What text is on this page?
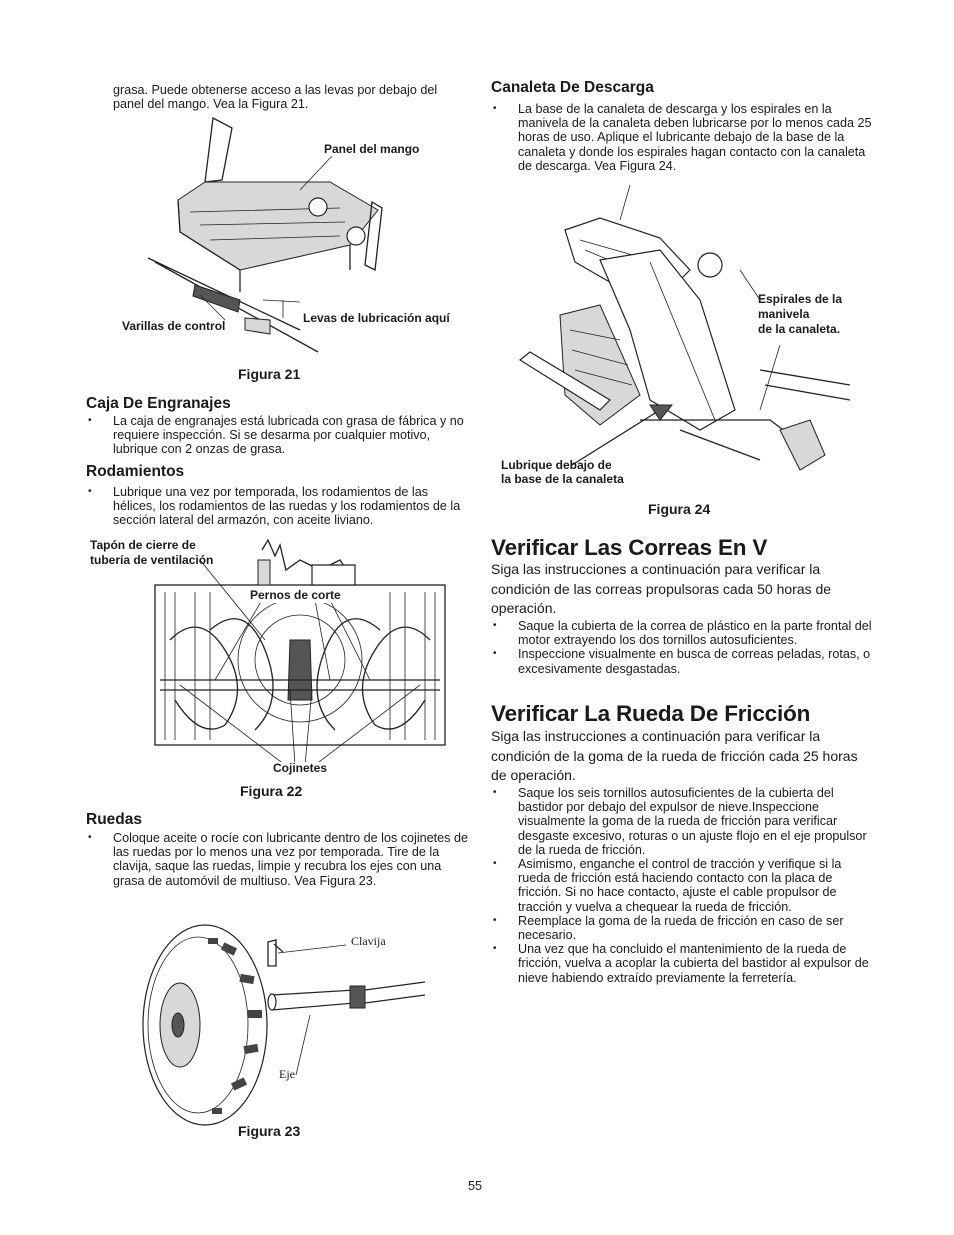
grasa. Puede obtenerse acceso a las levas por debajo del panel del mango. Vea la Figura 21.
Panel del mango
Varillas de control
Levas de lubricación aquí
Figura 21
Caja De Engranajes
• La caja de engranajes está lubricada con grasa de fábrica y no requiere inspección. Si se desarma por cualquier motivo, lubrique con 2 onzas de grasa.
Rodamientos
• Lubrique una vez por temporada, los rodamientos de las hélices, los rodamientos de las ruedas y los rodamientos de la sección lateral del armazón, con aceite liviano.
Tapón de cierre de
tubería de ventilación
Pernos de corte
Cojinetes
Figura 22
Ruedas
• Coloque aceite o rocíe con lubricante dentro de los cojinetes de las ruedas por lo menos una vez por temporada. Tire de la clavija, saque las ruedas, limpie y recubra los ejes con una grasa de automóvil de multiuso. Vea Figura 23.
Clavija
Eje
Figura 23
Canaleta De Descarga
• La base de la canaleta de descarga y los espirales en la manivela de la canaleta deben lubricarse por lo menos cada 25 horas de uso. Aplique el lubricante debajo de la base de la canaleta y donde los espirales hagan contacto con la canaleta de descarga. Vea Figura 24.
Espirales de la
manivela
de la canaleta.
Lubrique debajo de
la base de la canaleta
Figura 24
Verificar Las Correas En V
Siga las instrucciones a continuación para verificar la condición de las correas propulsoras cada 50 horas de operación.
• Saque la cubierta de la correa de plástico en la parte frontal del motor extrayendo los dos tornillos autosuficientes.
• Inspeccione visualmente en busca de correas peladas, rotas, o excesivamente desgastadas.
Verificar La Rueda De Fricción
Siga las instrucciones a continuación para verificar la condición de la goma de la rueda de fricción cada 25 horas de operación.
• Saque los seis tornillos autosuficientes de la cubierta del bastidor por debajo del expulsor de nieve.Inspeccione visualmente la goma de la rueda de fricción para verificar desgaste excesivo, roturas o un ajuste flojo en el eje propulsor de la rueda de fricción.
• Asimismo, enganche el control de tracción y verifique si la rueda de fricción está haciendo contacto con la placa de fricción. Si no hace contacto, ajuste el cable propulsor de tracción y vuelva a chequear la rueda de fricción.
• Reemplace la goma de la rueda de fricción en caso de ser necesario.
• Una vez que ha concluido el mantenimiento de la rueda de fricción, vuelva a acoplar la cubierta del bastidor al expulsor de nieve habiendo extraído previamente la ferretería.
55
